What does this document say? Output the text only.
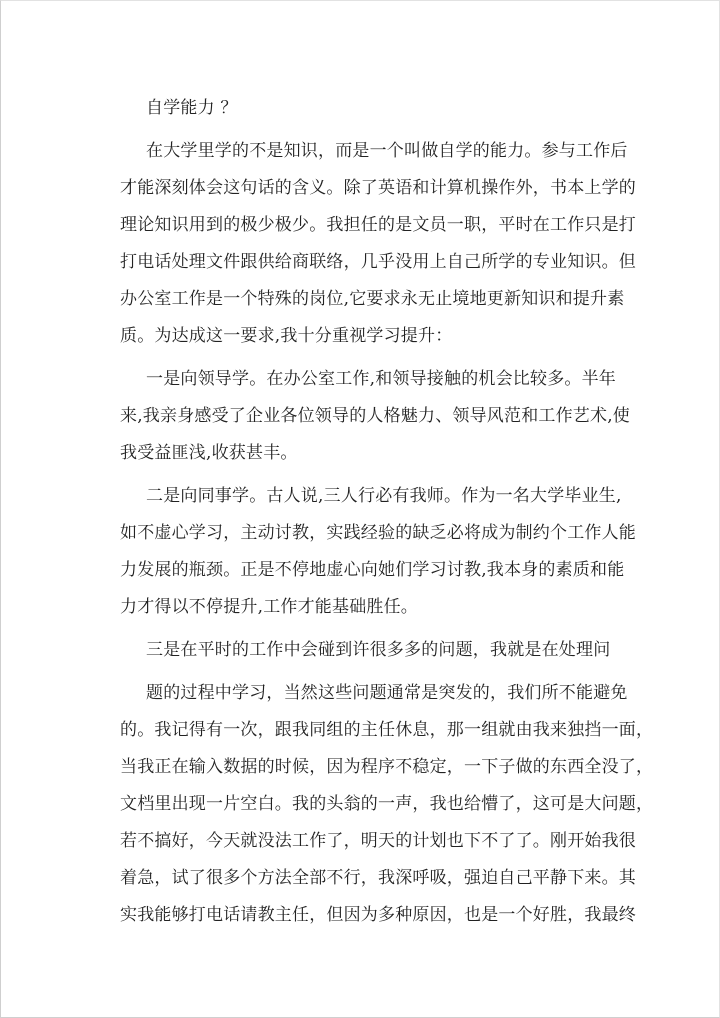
自学能力 ？
在大学里学的不是知识，而是一个叫做自学的能力。参与工作后
才能深刻体会这句话的含义。除了英语和计算机操作外，书本上学的
理论知识用到的极少极少。我担任的是文员一职，平时在工作只是打
打电话处理文件跟供给商联络，几乎没用上自己所学的专业知识。但
办公室工作是一个特殊的岗位,它要求永无止境地更新知识和提升素
质。为达成这一要求,我十分重视学习提升：
一是向领导学。在办公室工作,和领导接触的机会比较多。半年
来,我亲身感受了企业各位领导的人格魅力、领导风范和工作艺术,使
我受益匪浅,收获甚丰。
二是向同事学。古人说,三人行必有我师。作为一名大学毕业生,
如不虚心学习，主动讨教，实践经验的缺乏必将成为制约个工作人能
力发展的瓶颈。正是不停地虚心向她们学习讨教,我本身的素质和能
力才得以不停提升,工作才能基础胜任。
三是在平时的工作中会碰到许很多多的问题，我就是在处理问
题的过程中学习，当然这些问题通常是突发的，我们所不能避免
的。我记得有一次，跟我同组的主任休息，那一组就由我来独挡一面，
当我正在输入数据的时候，因为程序不稳定，一下子做的东西全没了，
文档里出现一片空白。我的头翁的一声，我也给懵了，这可是大问题，
若不搞好，今天就没法工作了，明天的计划也下不了了。刚开始我很
着急，试了很多个方法全部不行，我深呼吸，强迫自己平静下来。其
实我能够打电话请教主任，但因为多种原因，也是一个好胜，我最终
